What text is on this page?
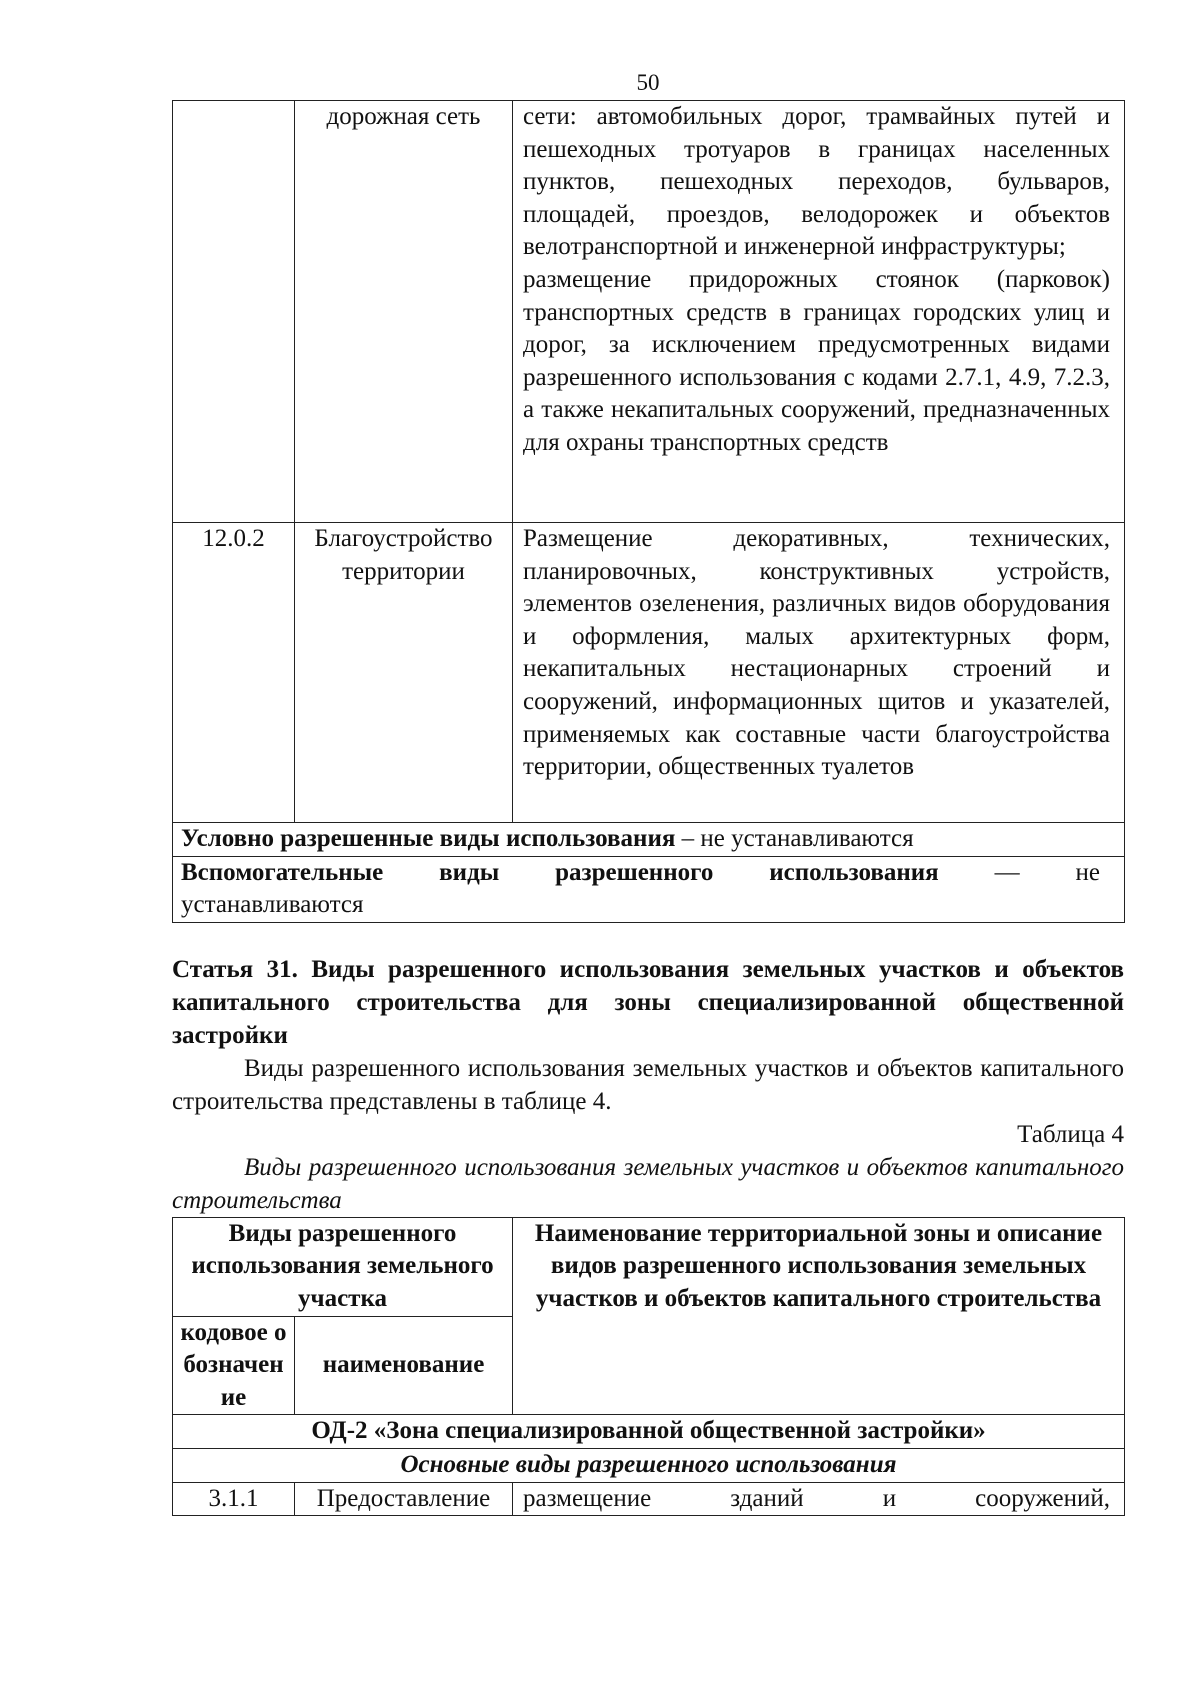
50
	дорожная сеть	сети: автомобильных дорог, трамвайных путей и пешеходных тротуаров в границах населенных пунктов, пешеходных переходов, бульваров, площадей, проездов, велодорожек и объектов велотранспортной и инженерной инфраструктуры;
размещение придорожных стоянок (парковок) транспортных средств в границах городских улиц и дорог, за исключением предусмотренных видами разрешенного использования с кодами 2.7.1, 4.9, 7.2.3, а также некапитальных сооружений, предназначенных для охраны транспортных средств

12.0.2	Благоустройство территории	Размещение декоративных, технических, планировочных, конструктивных устройств, элементов озеленения, различных видов оборудования и оформления, малых архитектурных форм, некапитальных нестационарных строений и сооружений, информационных щитов и указателей, применяемых как составные части благоустройства территории, общественных туалетов

Условно разрешенные виды использования – не устанавливаются		
Вспомогательные виды разрешенного использования — не устанавливаются		
Статья 31. Виды разрешенного использования земельных участков и объектов капитального строительства для зоны специализированной общественной застройки
Виды разрешенного использования земельных участков и объектов капитального строительства представлены в таблице 4.
Таблица 4
Виды разрешенного использования земельных участков и объектов капитального строительства
Виды разрешенного использования земельного участка		Наименование территориальной зоны и описание видов разрешенного использования земельных участков и объектов капитального строительства
кодовое обозначение	наименование	
ОД-2 «Зона специализированной общественной застройки»		
Основные виды разрешенного использования		
3.1.1	Предоставление	размещение зданий и сооружений,
